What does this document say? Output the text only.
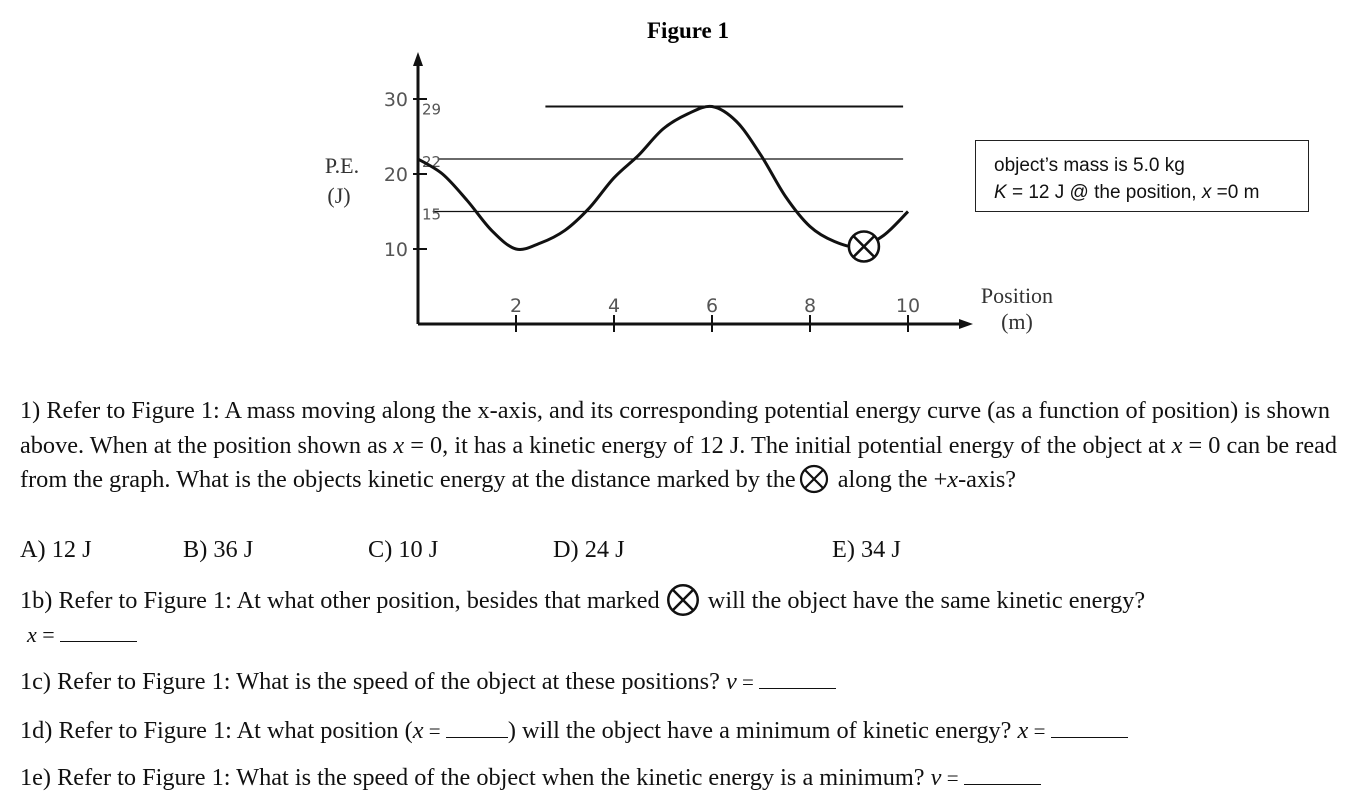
Figure 1
P.E.
(J)
Position
(m)
30
20
10
2	4	6	8	10
29
22
15
object’s mass is 5.0 kg
K = 12 J @ the position, x =0 m
1) Refer to Figure 1: A mass moving along the x-axis, and its corresponding potential energy curve (as a function of position) is shown above. When at the position shown as x = 0, it has a kinetic energy of 12 J. The initial potential energy of the object at x = 0 can be read from the graph. What is the objects kinetic energy at the distance marked by the along the +x-axis?
A) 12 J	B) 36 J	C) 10 J	D) 24 J	E) 34 J
1b) Refer to Figure 1: At what other position, besides that marked will the object have the same kinetic energy?
x =
1c) Refer to Figure 1: What is the speed of the object at these positions? v =
1d) Refer to Figure 1: At what position (x =	) will the object have a minimum of kinetic energy? x =
1e) Refer to Figure 1: What is the speed of the object when the kinetic energy is a minimum? v =
